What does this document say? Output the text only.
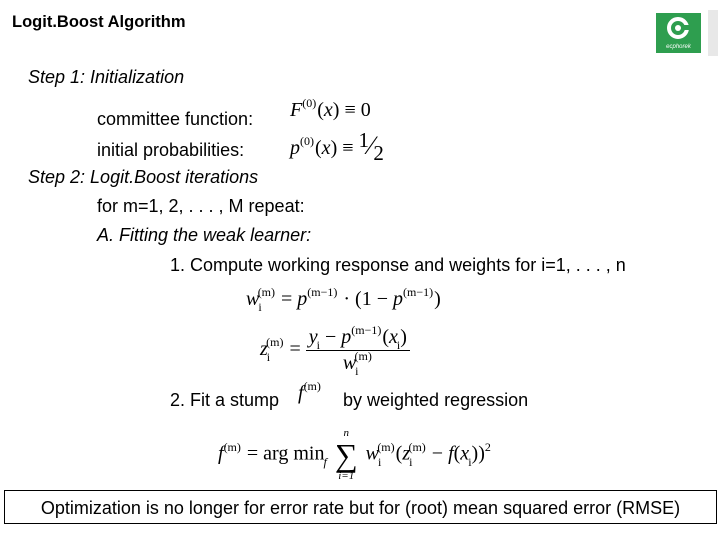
Logit.Boost Algorithm
ecphorek
Step 1: Initialization
committee function: $F^{(0)}(x) \equiv 0$
initial probabilities: $p^{(0)}(x)$ ≡ 1⁄2
Step 2: Logit.Boost iterations
for m=1, 2, . . . , M repeat:
A. Fitting the weak learner:
1. Compute working response and weights for i=1, . . . , n
$w_i^{(m)} = p^{(m-1)} \cdot (1 - p^{(m-1)})$
$z_i^{(m)} = \frac{y_i - p^{(m-1)}(x_i)}{w_i^{(m)}}$
2. Fit a stump $f^{(m)}$
by weighted regression
$f^{(m)}$ = arg $\min_f$
n
∑
i=1
$w_i^{(m)}(z_i^{(m)} - f(x_i))^2$
Optimization is no longer for error rate but for (root) mean squared error (RMSE)
